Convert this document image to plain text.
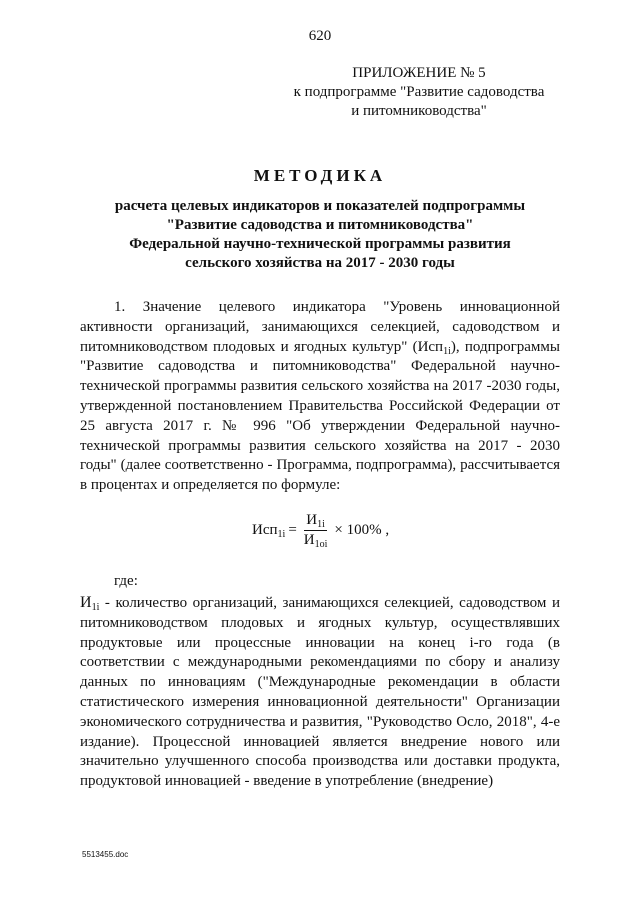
620
ПРИЛОЖЕНИЕ № 5
к подпрограмме "Развитие садоводства
и питомниководства"
МЕТОДИКА
расчета целевых индикаторов и показателей подпрограммы
"Развитие садоводства и питомниководства"
Федеральной научно-технической программы развития
сельского хозяйства на 2017 - 2030 годы
1. Значение целевого индикатора "Уровень инновационной активности организаций, занимающихся селекцией, садоводством и питомниководством плодовых и ягодных культур" (Исп$_{1i}$), подпрограммы "Развитие садоводства и питомниководства" Федеральной научно-технической программы развития сельского хозяйства на 2017 -2030 годы, утвержденной постановлением Правительства Российской Федерации от 25 августа 2017 г. № 996 "Об утверждении Федеральной научно-технической программы развития сельского хозяйства на 2017 - 2030 годы" (далее соответственно - Программа, подпрограмма), рассчитывается в процентах и определяется по формуле:
$Исп_{1i} = \frac{И_{1i}}{И_{1oi}} \times 100\%$ ,
где:
$И_{1i}$ - количество организаций, занимающихся селекцией, садоводством и питомниководством плодовых и ягодных культур, осуществлявших продуктовые или процессные инновации на конец i-го года (в соответствии с международными рекомендациями по сбору и анализу данных по инновациям ("Международные рекомендации в области статистического измерения инновационной деятельности" Организации экономического сотрудничества и развития, "Руководство Осло, 2018", 4-е издание). Процессной инновацией является внедрение нового или значительно улучшенного способа производства или доставки продукта, продуктовой инновацией - введение в употребление (внедрение)
5513455.doc
